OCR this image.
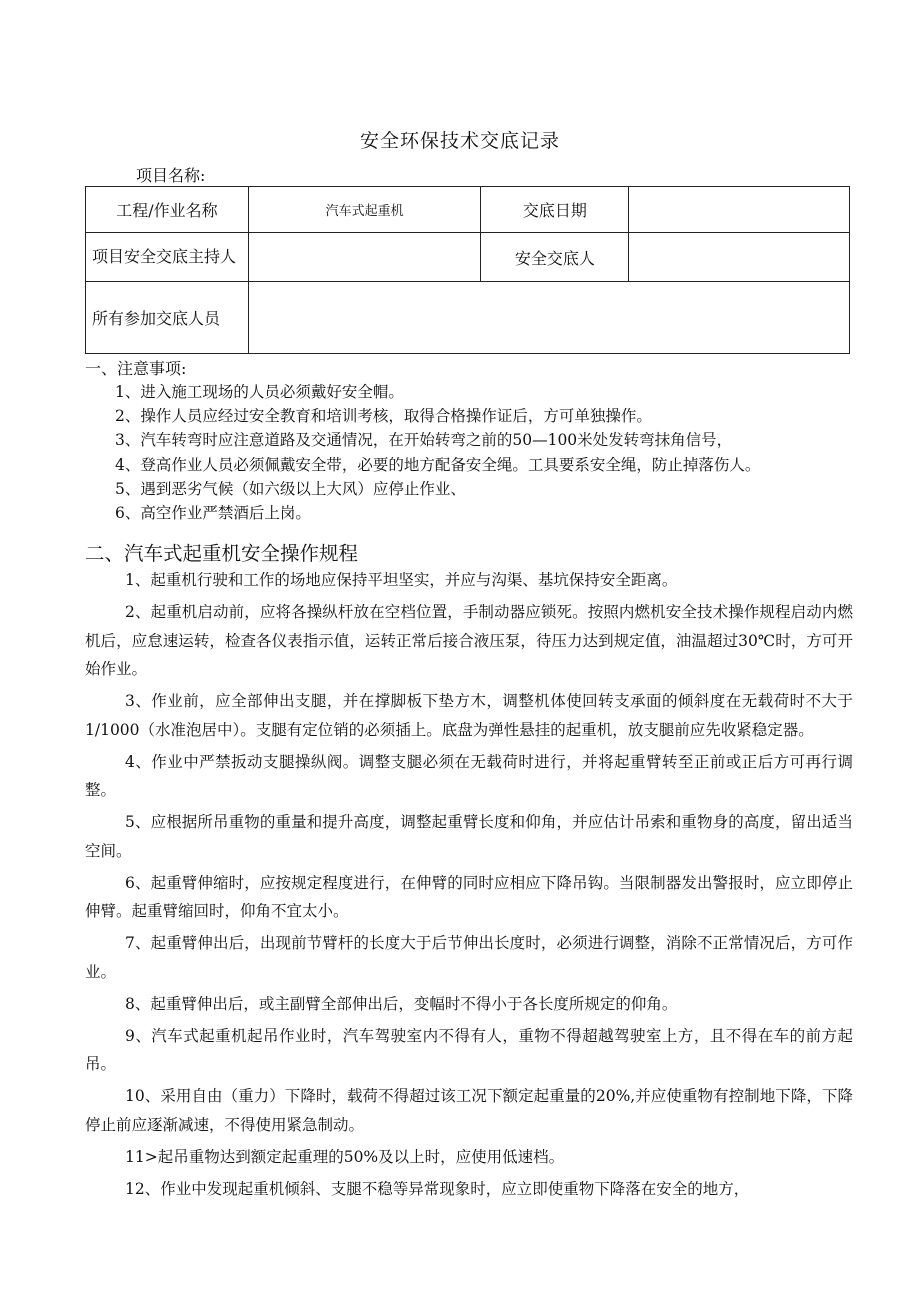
安全环保技术交底记录
项目名称:
工程/作业名称	汽车式起重机	交底日期	
项目安全交底主持人		安全交底人	
所有参加交底人员			
一、注意事项:
1、进入施工现场的人员必须戴好安全帽。
2、操作人员应经过安全教育和培训考核，取得合格操作证后，方可单独操作。
3、汽车转弯时应注意道路及交通情况，在开始转弯之前的50—100米处发转弯抹角信号，
4、登高作业人员必须佩戴安全带，必要的地方配备安全绳。工具要系安全绳，防止掉落伤人。
5、遇到恶劣气候（如六级以上大风）应停止作业、
6、高空作业严禁酒后上岗。
二、汽车式起重机安全操作规程

1、起重机行驶和工作的场地应保持平坦坚实，并应与沟渠、基坑保持安全距离。

2、起重机启动前，应将各操纵杆放在空档位置，手制动器应锁死。按照内燃机安全技术操作规程启动内燃机后，应怠速运转，检查各仪表指示值，运转正常后接合液压泵，待压力达到规定值，油温超过30℃时，方可开始作业。

3、作业前，应全部伸出支腿，并在撑脚板下垫方木，调整机体使回转支承面的倾斜度在无载荷时不大于1/1000（水准泡居中）。支腿有定位销的必须插上。底盘为弹性悬挂的起重机，放支腿前应先收紧稳定器。

4、作业中严禁扳动支腿操纵阀。调整支腿必须在无载荷时进行，并将起重臂转至正前或正后方可再行调整。

5、应根据所吊重物的重量和提升高度，调整起重臂长度和仰角，并应估计吊索和重物身的高度，留出适当空间。

6、起重臂伸缩时，应按规定程度进行，在伸臂的同时应相应下降吊钩。当限制器发出警报时，应立即停止伸臂。起重臂缩回时，仰角不宜太小。

7、起重臂伸出后，出现前节臂杆的长度大于后节伸出长度时，必须进行调整，消除不正常情况后，方可作业。

8、起重臂伸出后，或主副臂全部伸出后，变幅时不得小于各长度所规定的仰角。

9、汽车式起重机起吊作业时，汽车驾驶室内不得有人，重物不得超越驾驶室上方，且不得在车的前方起吊。

10、采用自由（重力）下降时，载荷不得超过该工况下额定起重量的20%,并应使重物有控制地下降，下降停止前应逐渐减速，不得使用紧急制动。

11>起吊重物达到额定起重理的50%及以上时，应使用低速档。

12、作业中发现起重机倾斜、支腿不稳等异常现象时，应立即使重物下降落在安全的地方，
